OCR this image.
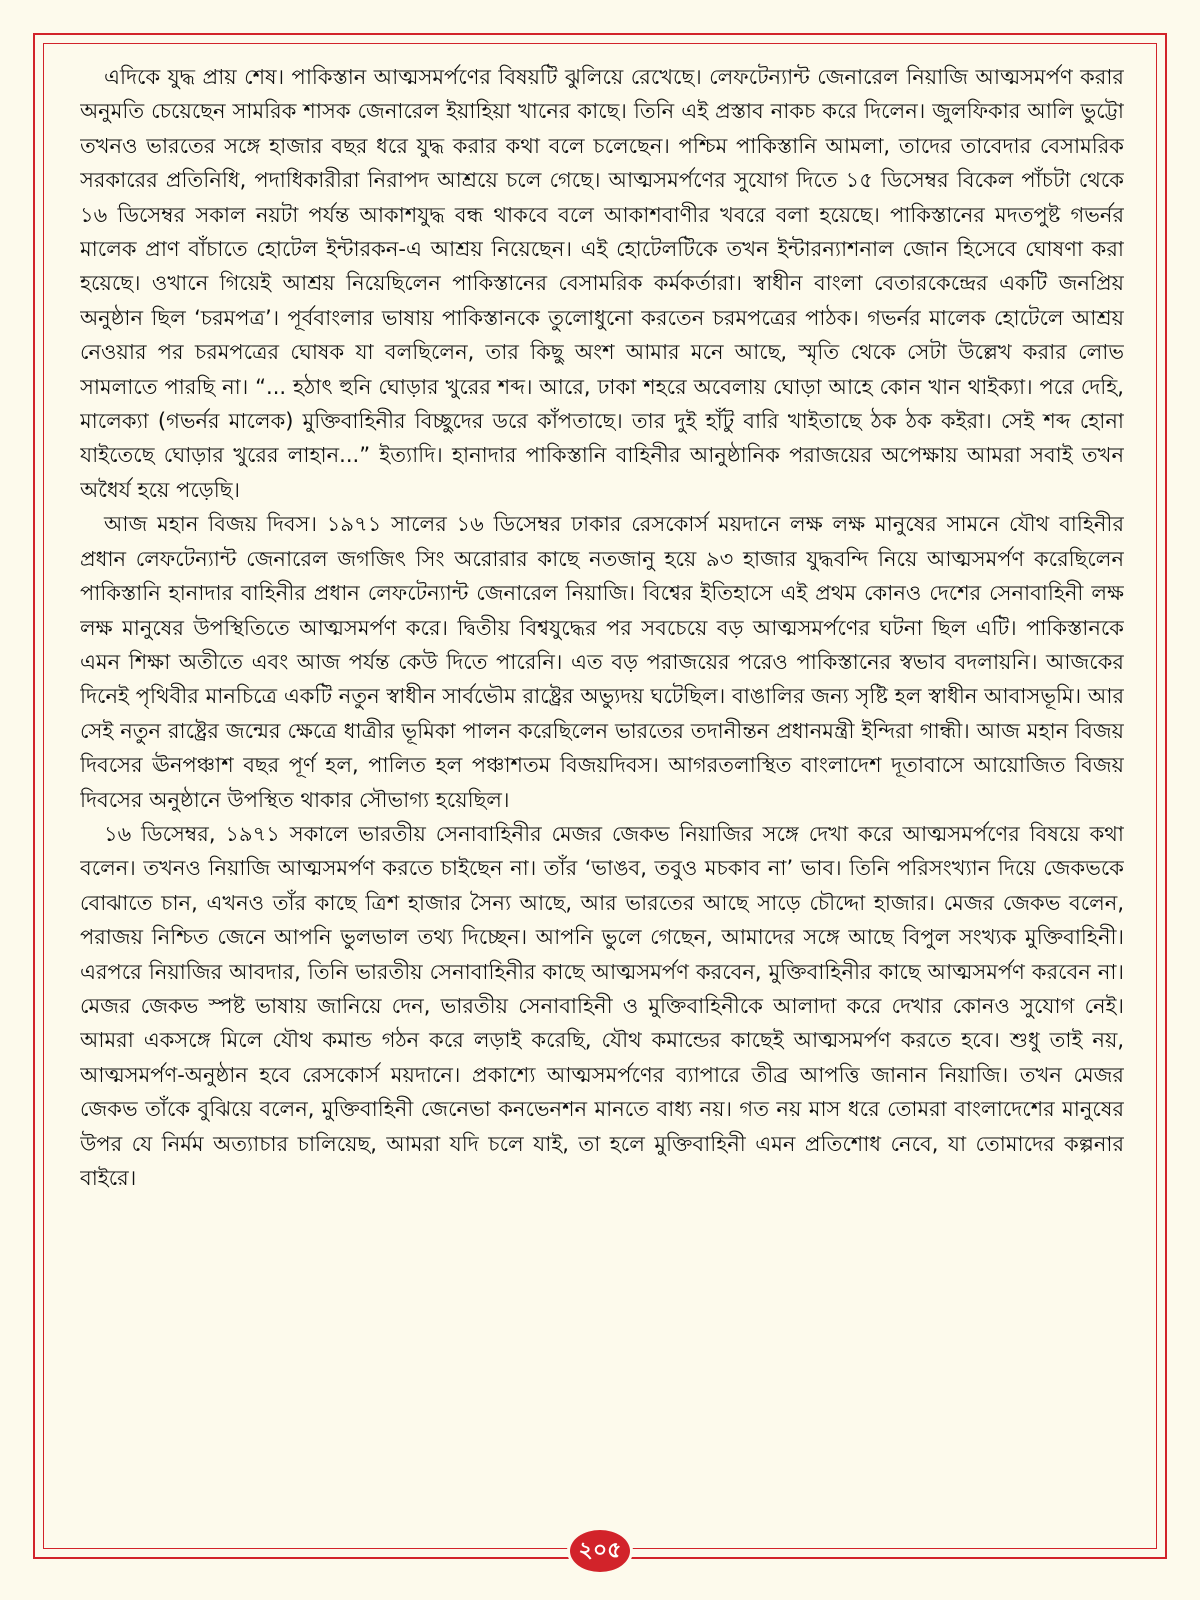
এদিকে যুদ্ধ প্রায় শেষ। পাকিস্তান আত্মসমর্পণের বিষয়টি ঝুলিয়ে রেখেছে। লেফটেন্যান্ট জেনারেল নিয়াজি আত্মসমর্পণ করার অনুমতি চেয়েছেন সামরিক শাসক জেনারেল ইয়াহিয়া খানের কাছে। তিনি এই প্রস্তাব নাকচ করে দিলেন। জুলফিকার আলি ভুট্টো তখনও ভারতের সঙ্গে হাজার বছর ধরে যুদ্ধ করার কথা বলে চলেছেন। পশ্চিম পাকিস্তানি আমলা, তাদের তাবেদার বেসামরিক সরকারের প্রতিনিধি, পদাধিকারীরা নিরাপদ আশ্রয়ে চলে গেছে। আত্মসমর্পণের সুযোগ দিতে ১৫ ডিসেম্বর বিকেল পাঁচটা থেকে ১৬ ডিসেম্বর সকাল নয়টা পর্যন্ত আকাশযুদ্ধ বন্ধ থাকবে বলে আকাশবাণীর খবরে বলা হয়েছে। পাকিস্তানের মদতপুষ্ট গভর্নর মালেক প্রাণ বাঁচাতে হোটেল ইন্টারকন-এ আশ্রয় নিয়েছেন। এই হোটেলটিকে তখন ইন্টারন্যাশনাল জোন হিসেবে ঘোষণা করা হয়েছে। ওখানে গিয়েই আশ্রয় নিয়েছিলেন পাকিস্তানের বেসামরিক কর্মকর্তারা। স্বাধীন বাংলা বেতারকেন্দ্রের একটি জনপ্রিয় অনুষ্ঠান ছিল ‘চরমপত্র’। পূর্ববাংলার ভাষায় পাকিস্তানকে তুলোধুনো করতেন চরমপত্রের পাঠক। গভর্নর মালেক হোটেলে আশ্রয় নেওয়ার পর চরমপত্রের ঘোষক যা বলছিলেন, তার কিছু অংশ আমার মনে আছে, স্মৃতি থেকে সেটা উল্লেখ করার লোভ সামলাতে পারছি না। “... হঠাৎ হুনি ঘোড়ার খুরের শব্দ। আরে, ঢাকা শহরে অবেলায় ঘোড়া আহে কোন খান থাইক্যা। পরে দেহি, মালেক্যা (গভর্নর মালেক) মুক্তিবাহিনীর বিচ্ছুদের ডরে কাঁপতাছে। তার দুই হাঁটু বারি খাইতাছে ঠক ঠক কইরা। সেই শব্দ হোনা যাইতেছে ঘোড়ার খুরের লাহান...” ইত্যাদি। হানাদার পাকিস্তানি বাহিনীর আনুষ্ঠানিক পরাজয়ের অপেক্ষায় আমরা সবাই তখন অধৈর্য হয়ে পড়েছি।

আজ মহান বিজয় দিবস। ১৯৭১ সালের ১৬ ডিসেম্বর ঢাকার রেসকোর্স ময়দানে লক্ষ লক্ষ মানুষের সামনে যৌথ বাহিনীর প্রধান লেফটেন্যান্ট জেনারেল জগজিৎ সিং অরোরার কাছে নতজানু হয়ে ৯৩ হাজার যুদ্ধবন্দি নিয়ে আত্মসমর্পণ করেছিলেন পাকিস্তানি হানাদার বাহিনীর প্রধান লেফটেন্যান্ট জেনারেল নিয়াজি। বিশ্বের ইতিহাসে এই প্রথম কোনও দেশের সেনাবাহিনী লক্ষ লক্ষ মানুষের উপস্থিতিতে আত্মসমর্পণ করে। দ্বিতীয় বিশ্বযুদ্ধের পর সবচেয়ে বড় আত্মসমর্পণের ঘটনা ছিল এটি। পাকিস্তানকে এমন শিক্ষা অতীতে এবং আজ পর্যন্ত কেউ দিতে পারেনি। এত বড় পরাজয়ের পরেও পাকিস্তানের স্বভাব বদলায়নি। আজকের দিনেই পৃথিবীর মানচিত্রে একটি নতুন স্বাধীন সার্বভৌম রাষ্ট্রের অভ্যুদয় ঘটেছিল। বাঙালির জন্য সৃষ্টি হল স্বাধীন আবাসভূমি। আর সেই নতুন রাষ্ট্রের জন্মের ক্ষেত্রে ধাত্রীর ভূমিকা পালন করেছিলেন ভারতের তদানীন্তন প্রধানমন্ত্রী ইন্দিরা গান্ধী। আজ মহান বিজয় দিবসের ঊনপঞ্চাশ বছর পূর্ণ হল, পালিত হল পঞ্চাশতম বিজয়দিবস। আগরতলাস্থিত বাংলাদেশ দূতাবাসে আয়োজিত বিজয় দিবসের অনুষ্ঠানে উপস্থিত থাকার সৌভাগ্য হয়েছিল।

১৬ ডিসেম্বর, ১৯৭১ সকালে ভারতীয় সেনাবাহিনীর মেজর জেকভ নিয়াজির সঙ্গে দেখা করে আত্মসমর্পণের বিষয়ে কথা বলেন। তখনও নিয়াজি আত্মসমর্পণ করতে চাইছেন না। তাঁর ‘ভাঙব, তবুও মচকাব না’ ভাব। তিনি পরিসংখ্যান দিয়ে জেকভকে বোঝাতে চান, এখনও তাঁর কাছে ত্রিশ হাজার সৈন্য আছে, আর ভারতের আছে সাড়ে চৌদ্দো হাজার। মেজর জেকভ বলেন, পরাজয় নিশ্চিত জেনে আপনি ভুলভাল তথ্য দিচ্ছেন। আপনি ভুলে গেছেন, আমাদের সঙ্গে আছে বিপুল সংখ্যক মুক্তিবাহিনী। এরপরে নিয়াজির আবদার, তিনি ভারতীয় সেনাবাহিনীর কাছে আত্মসমর্পণ করবেন, মুক্তিবাহিনীর কাছে আত্মসমর্পণ করবেন না। মেজর জেকভ স্পষ্ট ভাষায় জানিয়ে দেন, ভারতীয় সেনাবাহিনী ও মুক্তিবাহিনীকে আলাদা করে দেখার কোনও সুযোগ নেই। আমরা একসঙ্গে মিলে যৌথ কমান্ড গঠন করে লড়াই করেছি, যৌথ কমান্ডের কাছেই আত্মসমর্পণ করতে হবে। শুধু তাই নয়, আত্মসমর্পণ-অনুষ্ঠান হবে রেসকোর্স ময়দানে। প্রকাশ্যে আত্মসমর্পণের ব্যাপারে তীব্র আপত্তি জানান নিয়াজি। তখন মেজর জেকভ তাঁকে বুঝিয়ে বলেন, মুক্তিবাহিনী জেনেভা কনভেনশন মানতে বাধ্য নয়। গত নয় মাস ধরে তোমরা বাংলাদেশের মানুষের উপর যে নির্মম অত্যাচার চালিয়েছ, আমরা যদি চলে যাই, তা হলে মুক্তিবাহিনী এমন প্রতিশোধ নেবে, যা তোমাদের কল্পনার বাইরে।

২০৫
